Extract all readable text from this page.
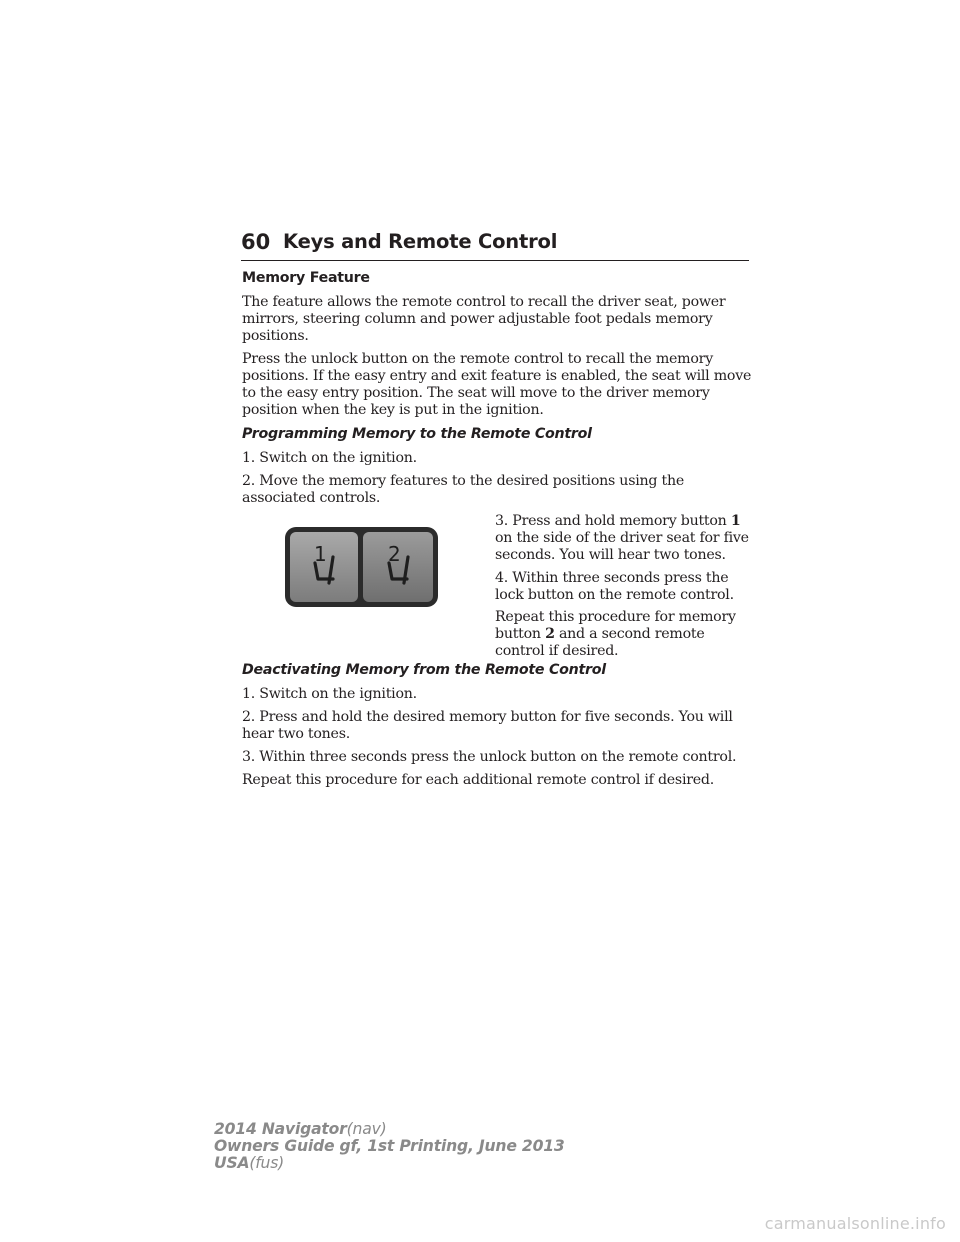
60 Keys and Remote Control
Memory Feature
The feature allows the remote control to recall the driver seat, power
mirrors, steering column and power adjustable foot pedals memory
positions.
Press the unlock button on the remote control to recall the memory
positions. If the easy entry and exit feature is enabled, the seat will move
to the easy entry position. The seat will move to the driver memory
position when the key is put in the ignition.
Programming Memory to the Remote Control
1. Switch on the ignition.
2. Move the memory features to the desired positions using the
associated controls.
3. Press and hold memory button 1
on the side of the driver seat for five
seconds. You will hear two tones.
4. Within three seconds press the
lock button on the remote control.
Repeat this procedure for memory
button 2 and a second remote
control if desired.
1	2
Deactivating Memory from the Remote Control
1. Switch on the ignition.
2. Press and hold the desired memory button for five seconds. You will
hear two tones.
3. Within three seconds press the unlock button on the remote control.
Repeat this procedure for each additional remote control if desired.
2014 Navigator(nav)
Owners Guide gf, 1st Printing, June 2013
USA(fus)
carmanualsonline.info
